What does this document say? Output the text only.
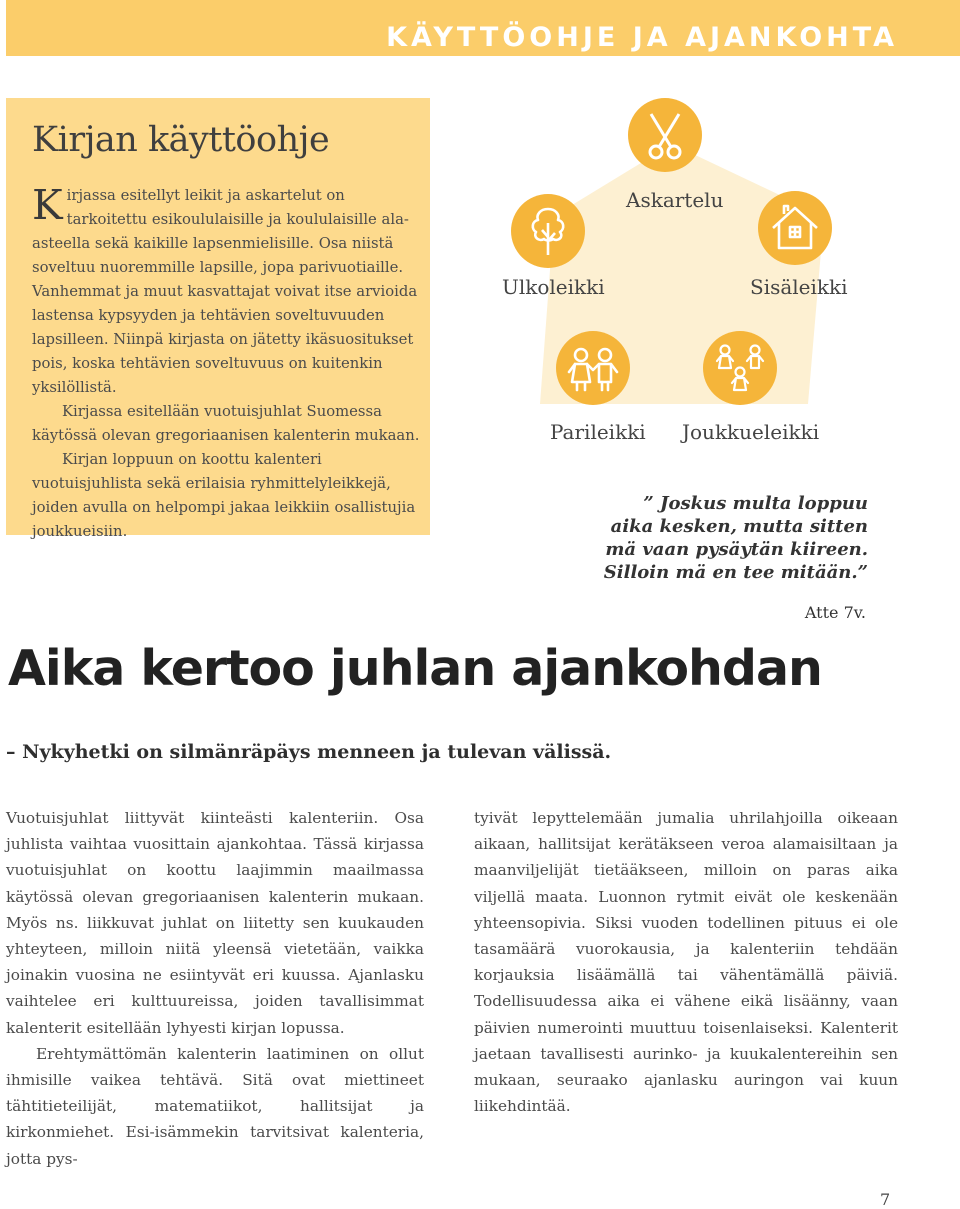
KÄYTTÖOHJE JA AJANKOHTA
Kirjan käyttöohje

Kirjassa esitellyt leikit ja askartelut on tarkoitettu esikoululaisille ja koululaisille ala-asteella sekä kaikille lapsenmielisille. Osa niistä soveltuu nuoremmille lapsille, jopa parivuotiaille. Vanhemmat ja muut kasvattajat voivat itse arvioida lastensa kypsyyden ja tehtävien soveltuvuuden lapsilleen. Niinpä kirjasta on jätetty ikäsuositukset pois, koska tehtävien soveltuvuus on kuitenkin yksilöllistä.

Kirjassa esitellään vuotuisjuhlat Suomessa käytössä olevan gregoriaanisen kalenterin mukaan.

Kirjan loppuun on koottu kalenteri vuotuisjuhlista sekä erilaisia ryhmittelyleikkejä, joiden avulla on helpompi jakaa leikkiin osallistujia joukkueisiin.

Askartelu
Ulkoleikki	Sisäleikki
Parileikki Joukkueleikki
” Joskus multa loppuu
aika kesken, mutta sitten
mä vaan pysäytän kiireen.
Silloin mä en tee mitään.”
Atte 7v.
Aika kertoo juhlan ajankohdan
– Nykyhetki on silmänräpäys menneen ja tulevan välissä.

Vuotuisjuhlat liittyvät kiinteästi kalenteriin. Osa juhlista vaihtaa vuosittain ajankohtaa. Tässä kirjassa vuotuisjuhlat on koottu laajimmin maailmassa käytössä olevan gregoriaanisen kalenterin mukaan. Myös ns. liikkuvat juhlat on liitetty sen kuukauden yhteyteen, milloin niitä yleensä vietetään, vaikka joinakin vuosina ne esiintyvät eri kuussa. Ajanlasku vaihtelee eri kulttuureissa, joiden tavallisimmat kalenterit esitellään lyhyesti kirjan lopussa.

Erehtymättömän kalenterin laatiminen on ollut ihmisille vaikea tehtävä. Sitä ovat miettineet tähtitieteilijät, matematiikot, hallitsijat ja kirkonmiehet. Esi-isämmekin tarvitsivat kalenteria, jotta pys-

tyivät lepyttelemään jumalia uhrilahjoilla oikeaan aikaan, hallitsijat kerätäkseen veroa alamaisiltaan ja maanviljelijät tietääkseen, milloin on paras aika viljellä maata. Luonnon rytmit eivät ole keskenään yhteensopivia. Siksi vuoden todellinen pituus ei ole tasamäärä vuorokausia, ja kalenteriin tehdään korjauksia lisäämällä tai vähentämällä päiviä. Todellisuudessa aika ei vähene eikä lisäänny, vaan päivien numerointi muuttuu toisenlaiseksi. Kalenterit jaetaan tavallisesti aurinko- ja kuukalentereihin sen mukaan, seuraako ajanlasku auringon vai kuun liikehdintää.

7
